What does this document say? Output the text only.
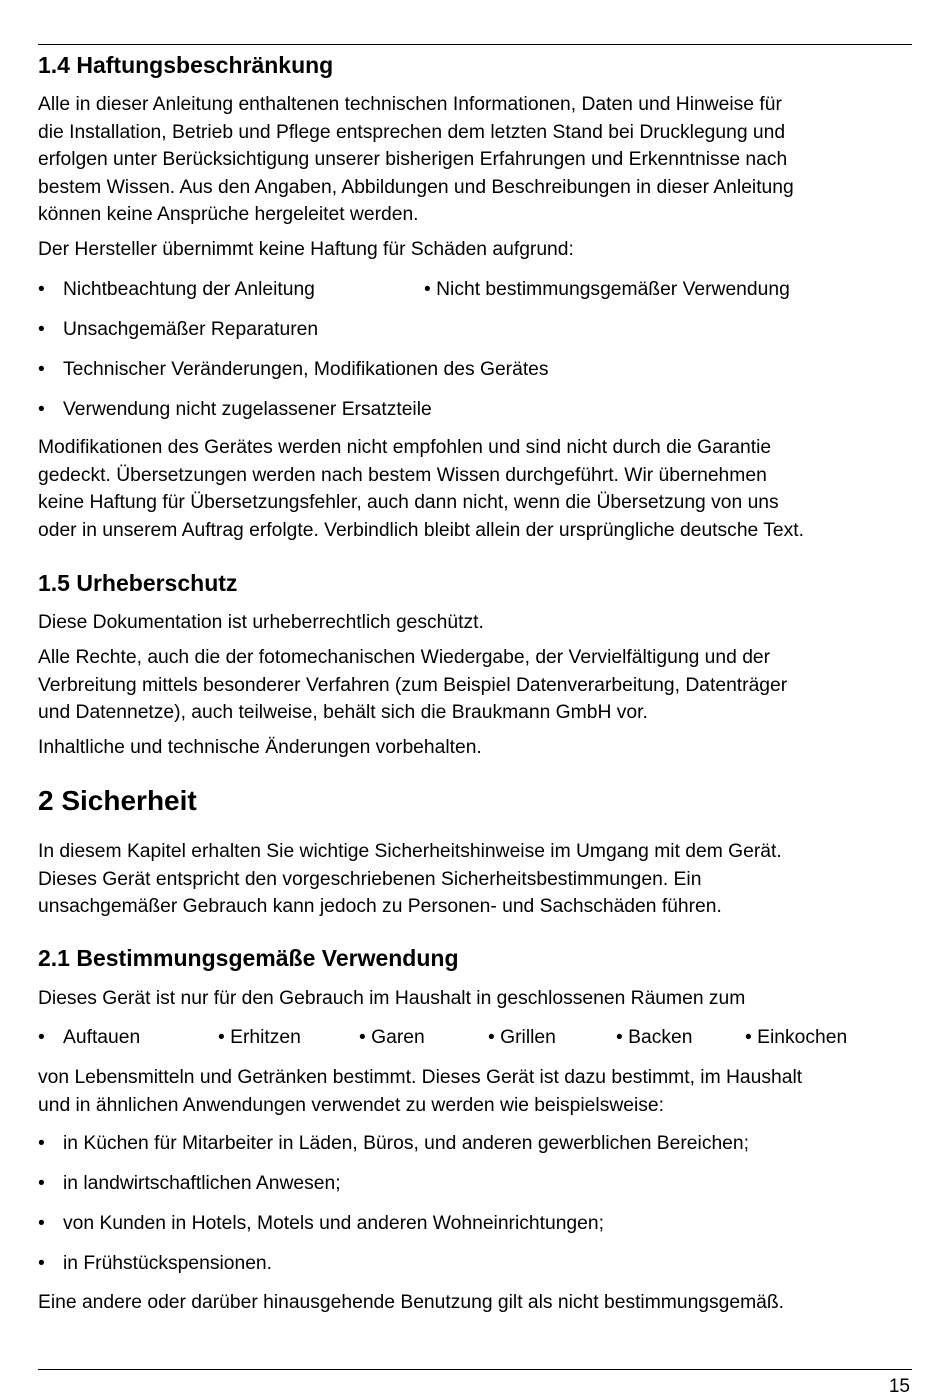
1.4 Haftungsbeschränkung

Alle in dieser Anleitung enthaltenen technischen Informationen, Daten und Hinweise für

die Installation, Betrieb und Pflege entsprechen dem letzten Stand bei Drucklegung und

erfolgen unter Berücksichtigung unserer bisherigen Erfahrungen und Erkenntnisse nach

bestem Wissen. Aus den Angaben, Abbildungen und Beschreibungen in dieser Anleitung

können keine Ansprüche hergeleitet werden.

Der Hersteller übernimmt keine Haftung für Schäden aufgrund:

• Nichtbeachtung der Anleitung	• Nicht bestimmungsgemäßer Verwendung
• Unsachgemäßer Reparaturen
• Technischer Veränderungen, Modifikationen des Gerätes
• Verwendung nicht zugelassener Ersatzteile

Modifikationen des Gerätes werden nicht empfohlen und sind nicht durch die Garantie

gedeckt. Übersetzungen werden nach bestem Wissen durchgeführt. Wir übernehmen

keine Haftung für Übersetzungsfehler, auch dann nicht, wenn die Übersetzung von uns

oder in unserem Auftrag erfolgte. Verbindlich bleibt allein der ursprüngliche deutsche Text.

1.5 Urheberschutz

Diese Dokumentation ist urheberrechtlich geschützt.

Alle Rechte, auch die der fotomechanischen Wiedergabe, der Vervielfältigung und der

Verbreitung mittels besonderer Verfahren (zum Beispiel Datenverarbeitung, Datenträger

und Datennetze), auch teilweise, behält sich die Braukmann GmbH vor.

Inhaltliche und technische Änderungen vorbehalten.

2 Sicherheit

In diesem Kapitel erhalten Sie wichtige Sicherheitshinweise im Umgang mit dem Gerät.

Dieses Gerät entspricht den vorgeschriebenen Sicherheitsbestimmungen. Ein

unsachgemäßer Gebrauch kann jedoch zu Personen- und Sachschäden führen.

2.1 Bestimmungsgemäße Verwendung

Dieses Gerät ist nur für den Gebrauch im Haushalt in geschlossenen Räumen zum

• Auftauen	• Erhitzen	• Garen	• Grillen	• Backen	• Einkochen

von Lebensmitteln und Getränken bestimmt. Dieses Gerät ist dazu bestimmt, im Haushalt

und in ähnlichen Anwendungen verwendet zu werden wie beispielsweise:

• in Küchen für Mitarbeiter in Läden, Büros, und anderen gewerblichen Bereichen;
• in landwirtschaftlichen Anwesen;
• von Kunden in Hotels, Motels und anderen Wohneinrichtungen;
• in Frühstückspensionen.

Eine andere oder darüber hinausgehende Benutzung gilt als nicht bestimmungsgemäß.

15
